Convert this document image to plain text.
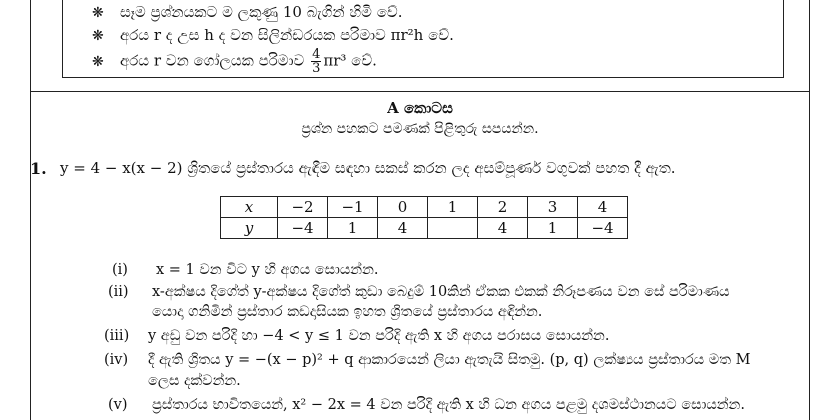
❋ සෑම ප්‍රශ්නයකට ම ලකුණු 10 බැගින් හිමි වේ.
❋ අරය r ද උස h ද වන සිලින්ඩරයක පරිමාව πr²h වේ.
❋ අරය r වන ගෝලයක පරිමාව $\frac{4}{3} \pi r^3$ වේ.
A කොටස
ප්‍රශ්න පහකට පමණක් පිළිතුරු සපයන්න.
1. y = 4 − x(x − 2) ශ්‍රිතයේ ප්‍රස්තාරය ඇඳීම සඳහා සකස් කරන ලද අසම්පූර්ණ වගුවක් පහත දී ඇත.
x	−2	−1	0	1	2	3	4
y	−4	1	4		4	1	−4
(i) x = 1 වන විට y හි අගය සොයන්න.
(ii) x-අක්ෂය දිගේත් y-අක්ෂය දිගේත් කුඩා බෙදුම් 10කින් ඒකක එකක් නිරූපණය වන සේ පරිමාණය
යොදා ගනිමින් ප්‍රස්තාර කඩදාසියක ඉහත ශ්‍රිතයේ ප්‍රස්තාරය අඳින්න.
(iii) y අඩු වන පරිදි හා −4 < y ≤ 1 වන පරිදි ඇති x හි අගය පරාසය සොයන්න.
(iv) දී ඇති ශ්‍රිතය y = −(x − p)² + q ආකාරයෙන් ලියා ඇතැයි සිතමු. (p, q) ලක්ෂ්‍යය ප්‍රස්තාරය මත M
ලෙස දක්වන්න.
(v) ප්‍රස්තාරය භාවිතයෙන්, x² − 2x = 4 වන පරිදි ඇති x හි ධන අගය පළමු දශමස්ථානයට සොයන්න.
